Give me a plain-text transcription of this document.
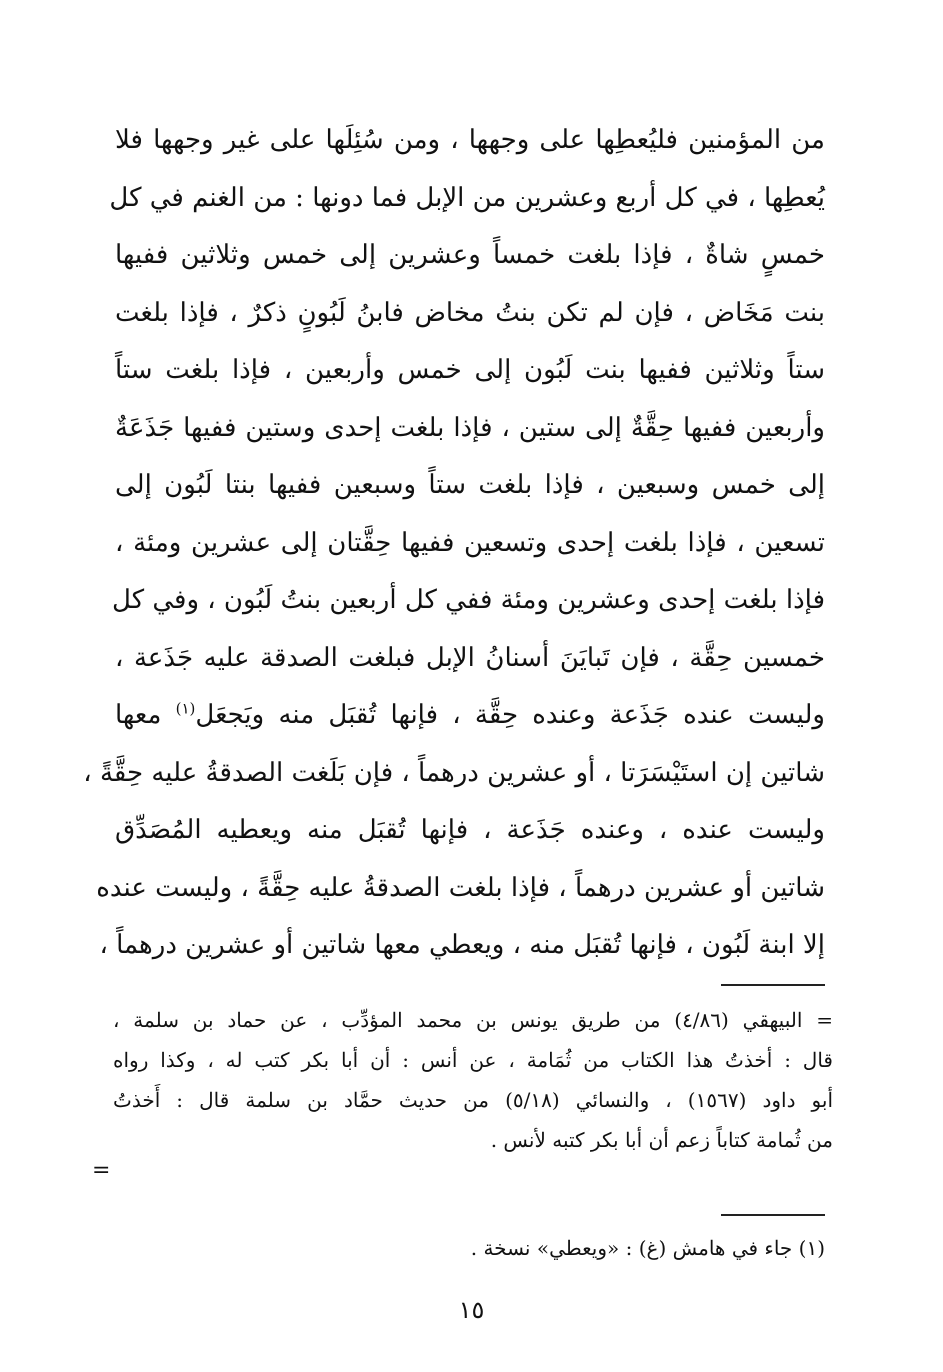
من المؤمنين فليُعطِها على وجهها ، ومن سُئِلَها على غير وجهها فلا
يُعطِها ، في كل أربع وعشرين من الإبل فما دونها : من الغنم في كل
خمسٍ شاةٌ ، فإذا بلغت خمساً وعشرين إلى خمس وثلاثين ففيها
بنت مَخَاض ، فإن لم تكن بنتُ مخاض فابنُ لَبُونٍ ذكرٌ ، فإذا بلغت
ستاً وثلاثين ففيها بنت لَبُون إلى خمس وأربعين ، فإذا بلغت ستاً
وأربعين ففيها حِقَّةٌ إلى ستين ، فإذا بلغت إحدى وستين ففيها جَذَعَةٌ
إلى خمس وسبعين ، فإذا بلغت ستاً وسبعين ففيها بنتا لَبُون إلى
تسعين ، فإذا بلغت إحدى وتسعين ففيها حِقَّتان إلى عشرين ومئة ،
فإذا بلغت إحدى وعشرين ومئة ففي كل أربعين بنتُ لَبُون ، وفي كل
خمسين حِقَّة ، فإن تَبايَنَ أسنانُ الإبل فبلغت الصدقة عليه جَذَعة ،
وليست عنده جَذَعة وعنده حِقَّة ، فإنها تُقبَل منه ويَجعَل$^{(١)}$ معها
شاتين إن استَيْسَرَتا ، أو عشرين درهماً ، فإن بَلَغت الصدقةُ عليه حِقَّةً ،
وليست عنده ، وعنده جَذَعة ، فإنها تُقبَل منه ويعطيه المُصَدِّق
شاتين أو عشرين درهماً ، فإذا بلغت الصدقةُ عليه حِقَّةً ، وليست عنده
إلا ابنة لَبُون ، فإنها تُقبَل منه ، ويعطي معها شاتين أو عشرين درهماً ،
= البيهقي (٤/٨٦) من طريق يونس بن محمد المؤدِّب ، عن حماد بن سلمة ،
قال : أخذتُ هذا الكتاب من ثُمَامة ، عن أنس : أن أبا بكر كتب له ، وكذا رواه
أبو داود (١٥٦٧) ، والنسائي (٥/١٨) من حديث حمَّاد بن سلمة قال : أَخذتُ
من ثُمامة كتاباً زعم أن أبا بكر كتبه لأنس .
=
(١) جاء في هامش (غ) : «ويعطي» نسخة .
١٥
